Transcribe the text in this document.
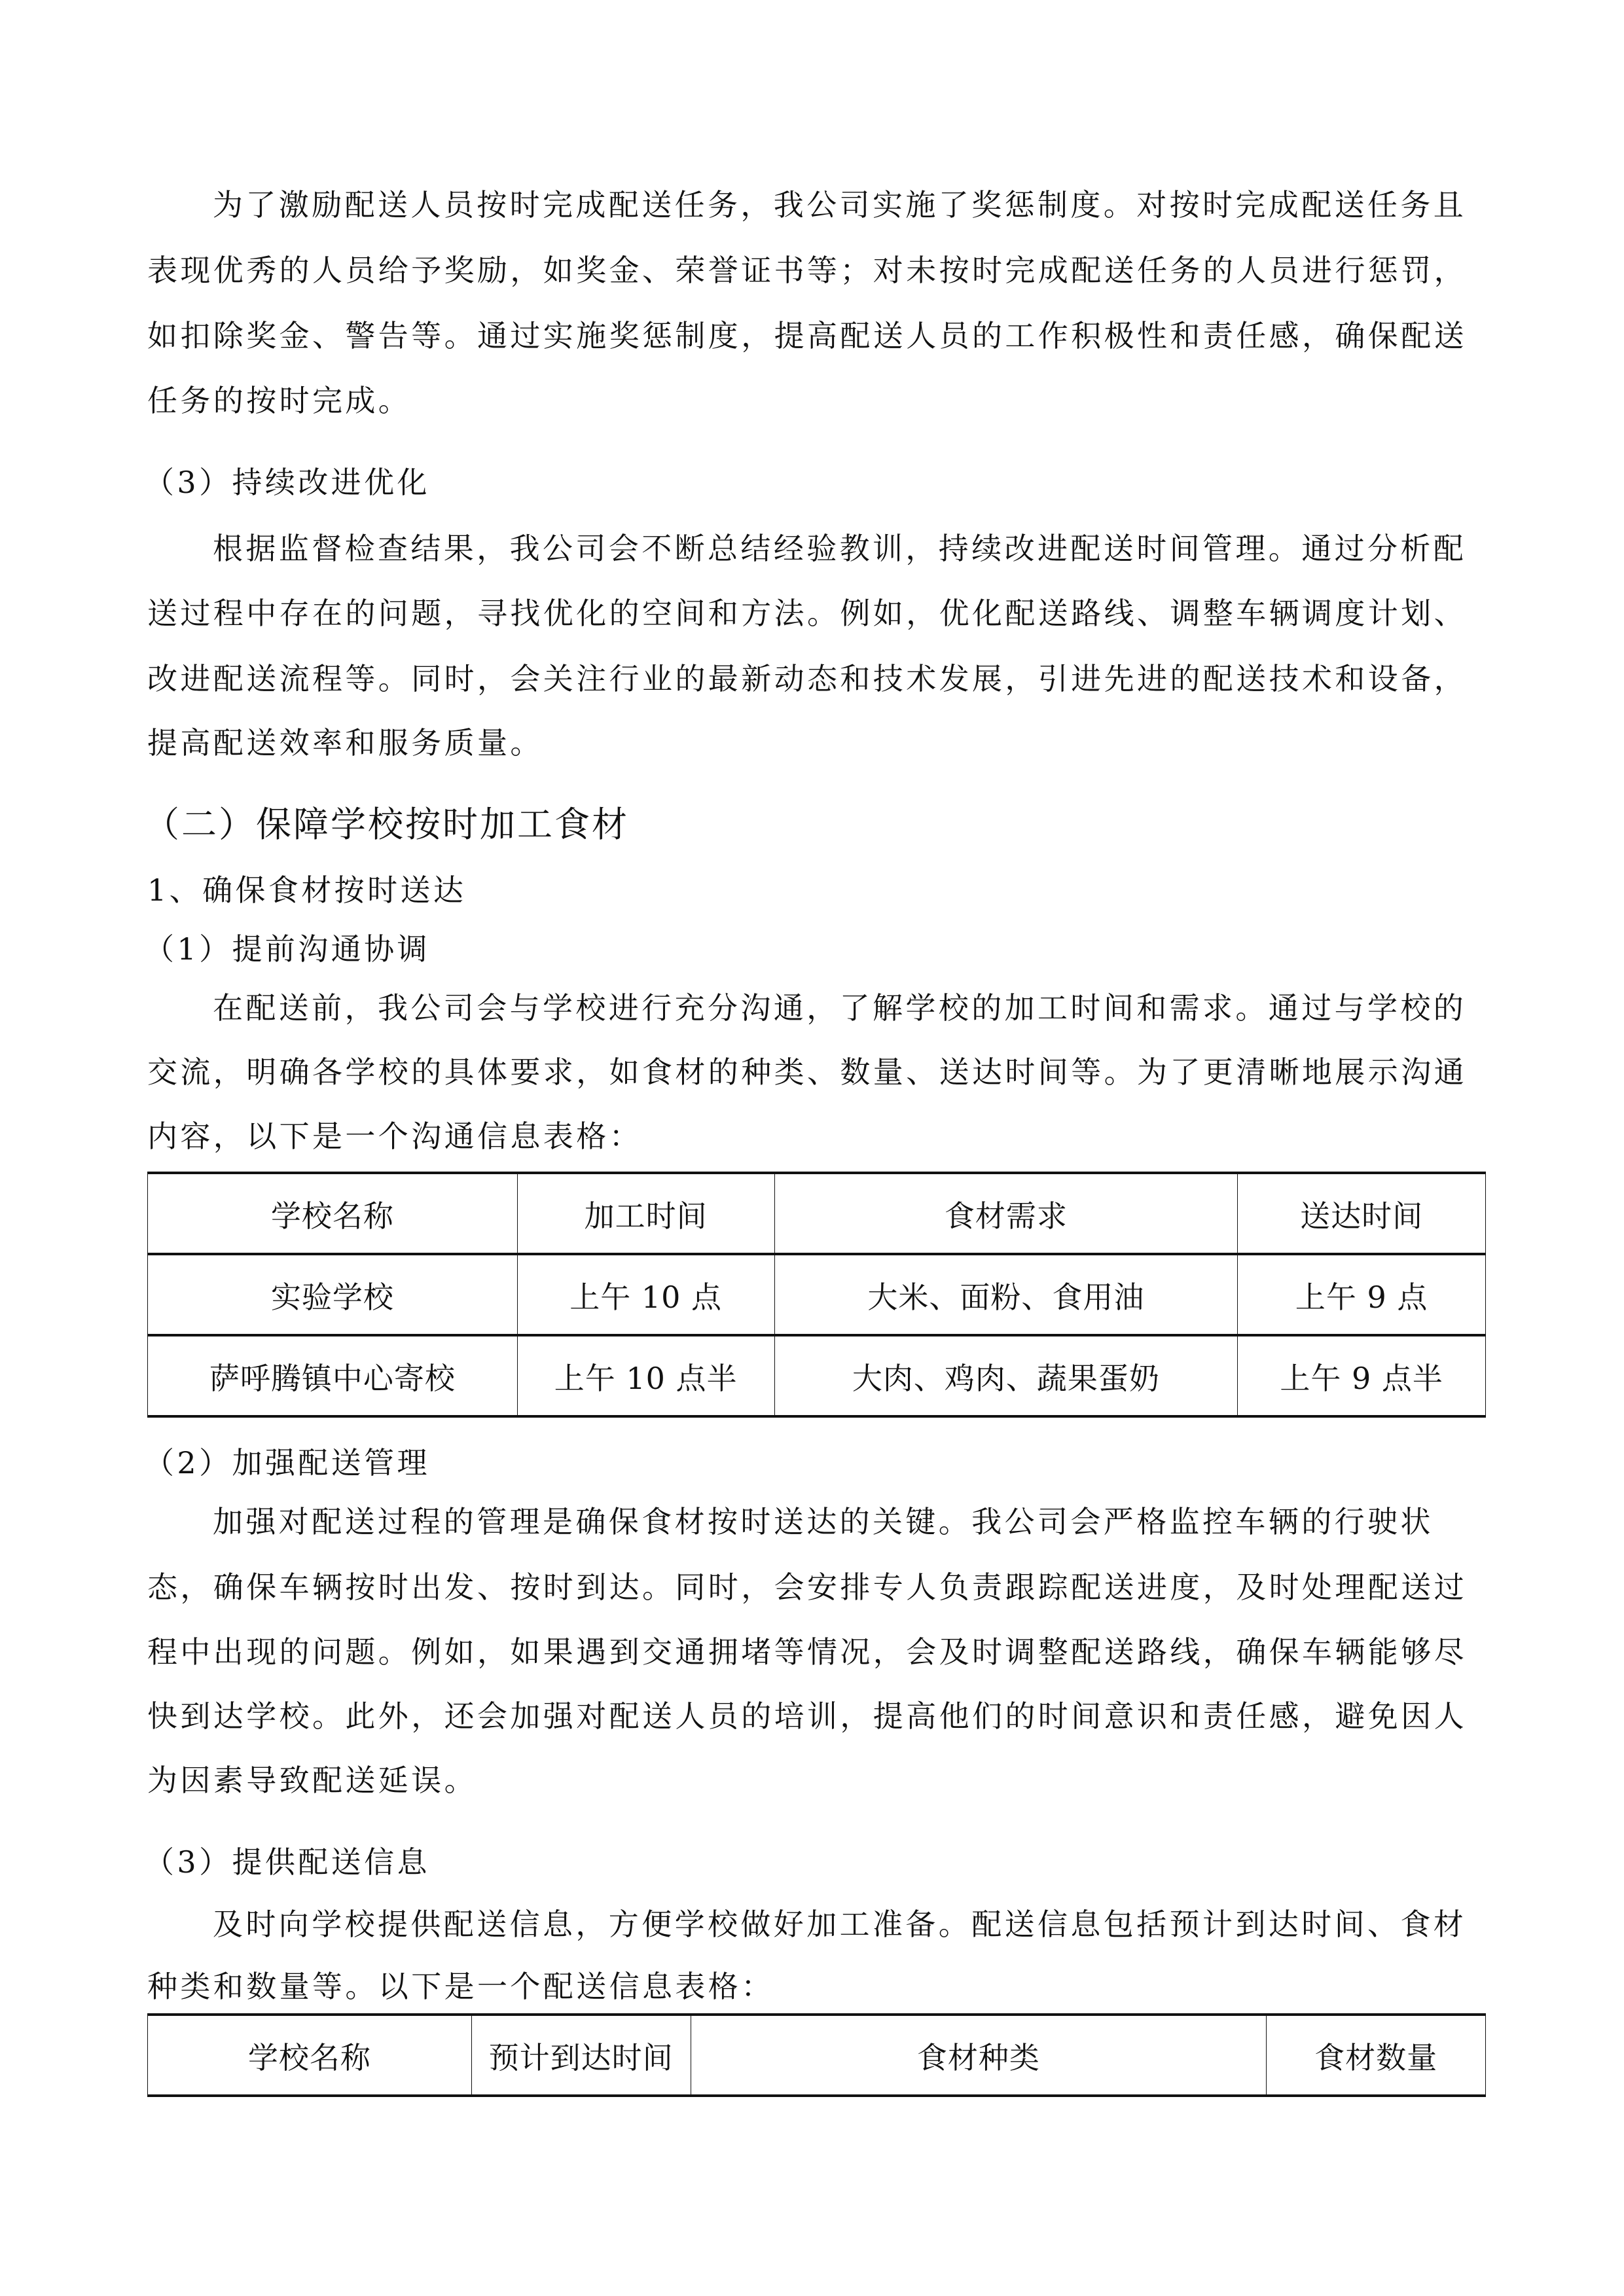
为了激励配送人员按时完成配送任务，我公司实施了奖惩制度。对按时完成配送任务且
表现优秀的人员给予奖励，如奖金、荣誉证书等；对未按时完成配送任务的人员进行惩罚，
如扣除奖金、警告等。通过实施奖惩制度，提高配送人员的工作积极性和责任感，确保配送
任务的按时完成。
（3）持续改进优化
根据监督检查结果，我公司会不断总结经验教训，持续改进配送时间管理。通过分析配
送过程中存在的问题，寻找优化的空间和方法。例如，优化配送路线、调整车辆调度计划、
改进配送流程等。同时，会关注行业的最新动态和技术发展，引进先进的配送技术和设备，
提高配送效率和服务质量。
（二）保障学校按时加工食材
1、确保食材按时送达
（1）提前沟通协调
在配送前，我公司会与学校进行充分沟通，了解学校的加工时间和需求。通过与学校的
交流，明确各学校的具体要求，如食材的种类、数量、送达时间等。为了更清晰地展示沟通
内容，以下是一个沟通信息表格：
学校名称	加工时间	食材需求	送达时间
实验学校	上午 10 点	大米、面粉、食用油	上午 9 点
萨呼腾镇中心寄校	上午 10 点半	大肉、鸡肉、蔬果蛋奶	上午 9 点半
（2）加强配送管理
加强对配送过程的管理是确保食材按时送达的关键。我公司会严格监控车辆的行驶状
态，确保车辆按时出发、按时到达。同时，会安排专人负责跟踪配送进度，及时处理配送过
程中出现的问题。例如，如果遇到交通拥堵等情况，会及时调整配送路线，确保车辆能够尽
快到达学校。此外，还会加强对配送人员的培训，提高他们的时间意识和责任感，避免因人
为因素导致配送延误。
（3）提供配送信息
及时向学校提供配送信息，方便学校做好加工准备。配送信息包括预计到达时间、食材
种类和数量等。以下是一个配送信息表格：
学校名称	预计到达时间	食材种类	食材数量
